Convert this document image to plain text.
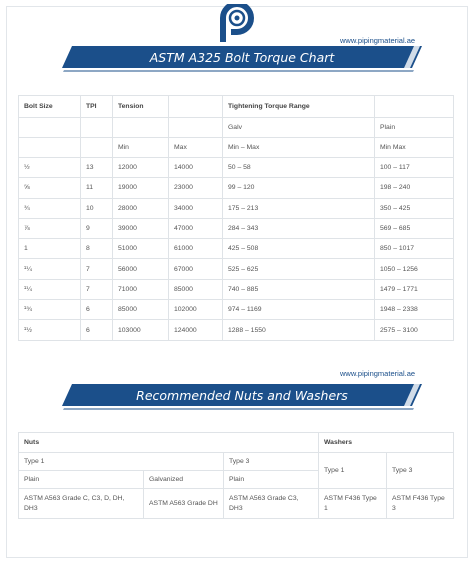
www.pipingmaterial.ae
ASTM A325 Bolt Torque Chart
Bolt Size	TPI	Tension		Tightening Torque Range	
				Galv	Plain
		Min	Max	Min – Max	Min Max
½	13	12000	14000	50 – 58	100 – 117
⅝	11	19000	23000	99 – 120	198 – 240
¾	10	28000	34000	175 – 213	350 – 425
⅞	9	39000	47000	284 – 343	569 – 685
1	8	51000	61000	425 – 508	850 – 1017
¹¼	7	56000	67000	525 – 625	1050 – 1256
¹¼	7	71000	85000	740 – 885	1479 – 1771
¹¾	6	85000	102000	974 – 1169	1948 – 2338
¹½	6	103000	124000	1288 – 1550	2575 – 3100
www.pipingmaterial.ae
Recommended Nuts and Washers
Nuts			Washers	
Type 1		Type 3	Type 1	Type 3
Plain	Galvanized	Plain		
ASTM A563 Grade C, C3, D, DH, DH3	ASTM A563 Grade DH	ASTM A563 Grade C3, DH3	ASTM F436 Type 1	ASTM F436 Type 3
